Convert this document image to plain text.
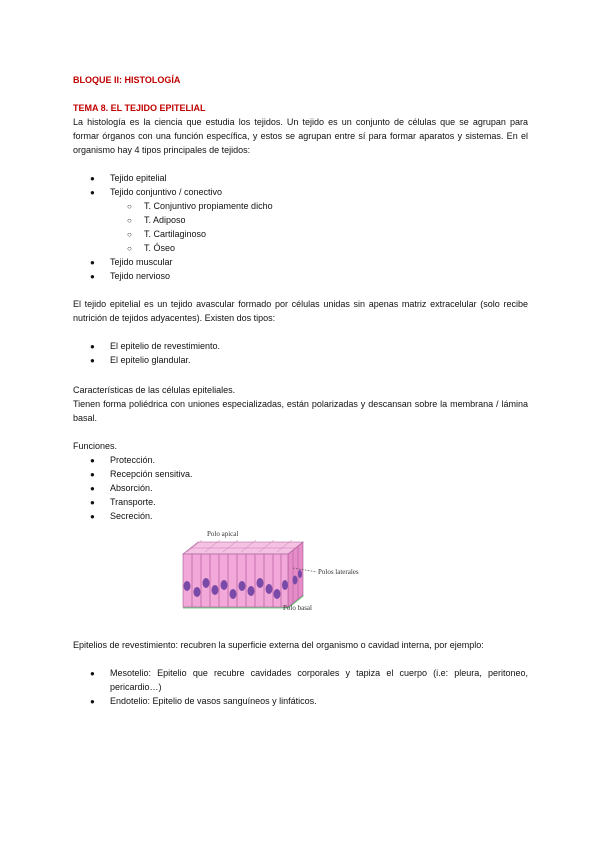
BLOQUE II: HISTOLOGÍA
TEMA 8. EL TEJIDO EPITELIAL
La histología es la ciencia que estudia los tejidos. Un tejido es un conjunto de células que se agrupan para
formar órganos con una función específica, y estos se agrupan entre sí para formar aparatos y sistemas. En el
organismo hay 4 tipos principales de tejidos:
● Tejido epitelial
● Tejido conjuntivo / conectivo
○ T. Conjuntivo propiamente dicho
○ T. Adiposo
○ T. Cartilaginoso
○ T. Óseo
● Tejido muscular
● Tejido nervioso
El tejido epitelial es un tejido avascular formado por células unidas sin apenas matriz extracelular (solo recibe
nutrición de tejidos adyacentes). Existen dos tipos:
● El epitelio de revestimiento.
● El epitelio glandular.
Características de las células epiteliales.
Tienen forma poliédrica con uniones especializadas, están polarizadas y descansan sobre la membrana / lámina
basal.
Funciones.
● Protección.
● Recepción sensitiva.
● Absorción.
● Transporte.
● Secreción.
Polo apical
Polos laterales
Polo basal
Epitelios de revestimiento: recubren la superficie externa del organismo o cavidad interna, por ejemplo:
● Mesotelio: Epitelio que recubre cavidades corporales y tapiza el cuerpo (i.e: pleura, peritoneo,
pericardio…)
● Endotelio: Epitelio de vasos sanguíneos y linfáticos.
